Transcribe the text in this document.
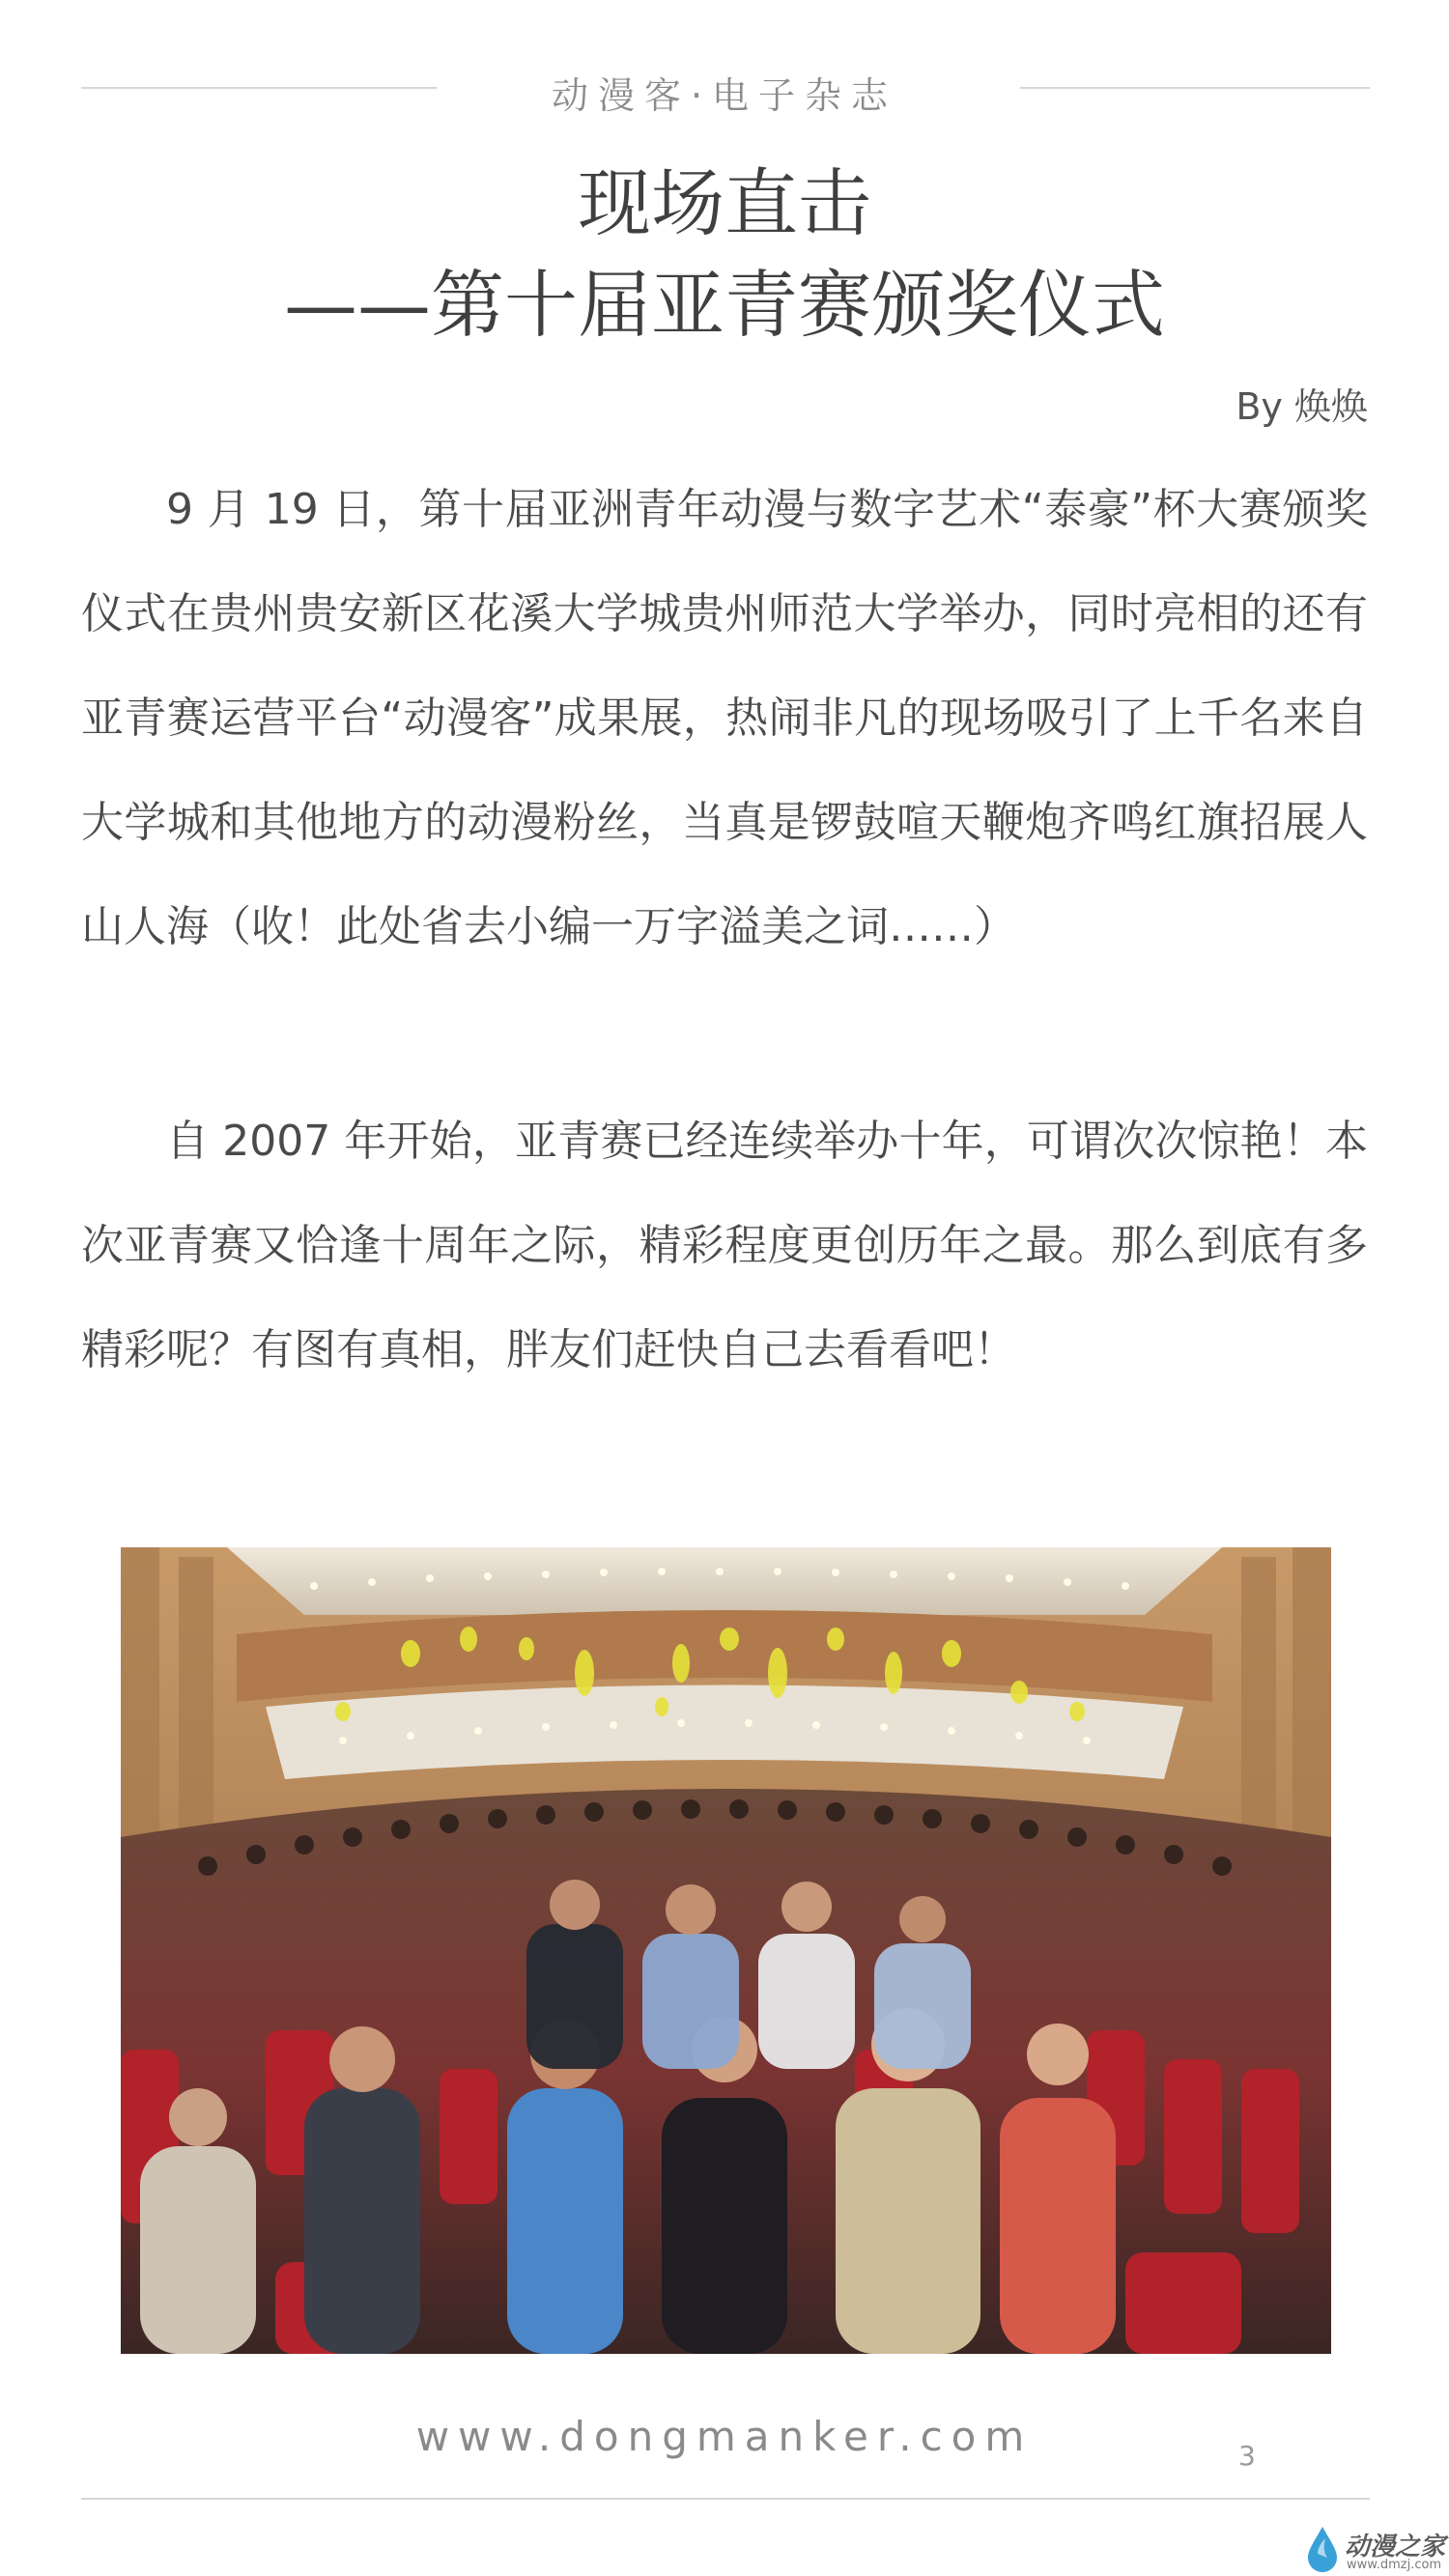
动漫客·电子杂志
现场直击
——第十届亚青赛颁奖仪式
By 焕焕

9 月 19 日，第十届亚洲青年动漫与数字艺术“泰豪”杯大赛颁奖仪式在贵州贵安新区花溪大学城贵州师范大学举办，同时亮相的还有亚青赛运营平台“动漫客”成果展，热闹非凡的现场吸引了上千名来自大学城和其他地方的动漫粉丝，当真是锣鼓喧天鞭炮齐鸣红旗招展人山人海（收！此处省去小编一万字溢美之词……）

自 2007 年开始，亚青赛已经连续举办十年，可谓次次惊艳！本次亚青赛又恰逢十周年之际，精彩程度更创历年之最。那么到底有多精彩呢？有图有真相，胖友们赶快自己去看看吧！

www.dongmanker.com	3
动漫之家
www.dmzj.com
